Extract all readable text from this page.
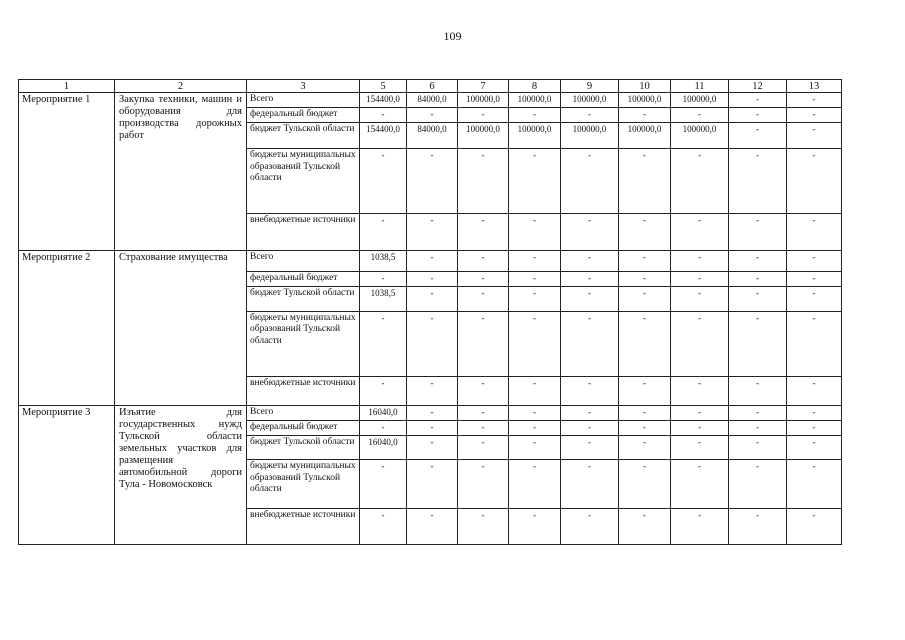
109
1	2	3	5	6	7	8	9	10	11	12	13
Мероприятие 1	Закупка техники, машин и оборудования для производства дорожных работ	Всего	154400,0	84000,0	100000,0	100000,0	100000,0	100000,0	100000,0	-	-
		федеральный бюджет	-	-	-	-	-	-	-	-	-
		бюджет Тульской области	154400,0	84000,0	100000,0	100000,0	100000,0	100000,0	100000,0	-	-
		бюджеты муниципальных образований Тульской области	-	-	-	-	-	-	-	-	-
		внебюджетные источники	-	-	-	-	-	-	-	-	-
Мероприятие 2	Страхование имущества	Всего	1038,5	-	-	-	-	-	-	-	-
		федеральный бюджет	-	-	-	-	-	-	-	-	-
		бюджет Тульской области	1038,5	-	-	-	-	-	-	-	-
		бюджеты муниципальных образований Тульской области	-	-	-	-	-	-	-	-	-
		внебюджетные источники	-	-	-	-	-	-	-	-	-
Мероприятие 3	Изъятие для государственных нужд Тульской области земельных участков для размещения автомобильной дороги Тула - Новомосковск	Всего	16040,0	-	-	-	-	-	-	-	-
		федеральный бюджет	-	-	-	-	-	-	-	-	-
		бюджет Тульской области	16040,0	-	-	-	-	-	-	-	-
		бюджеты муниципальных образований Тульской области	-	-	-	-	-	-	-	-	-
		внебюджетные источники	-	-	-	-	-	-	-	-	-
